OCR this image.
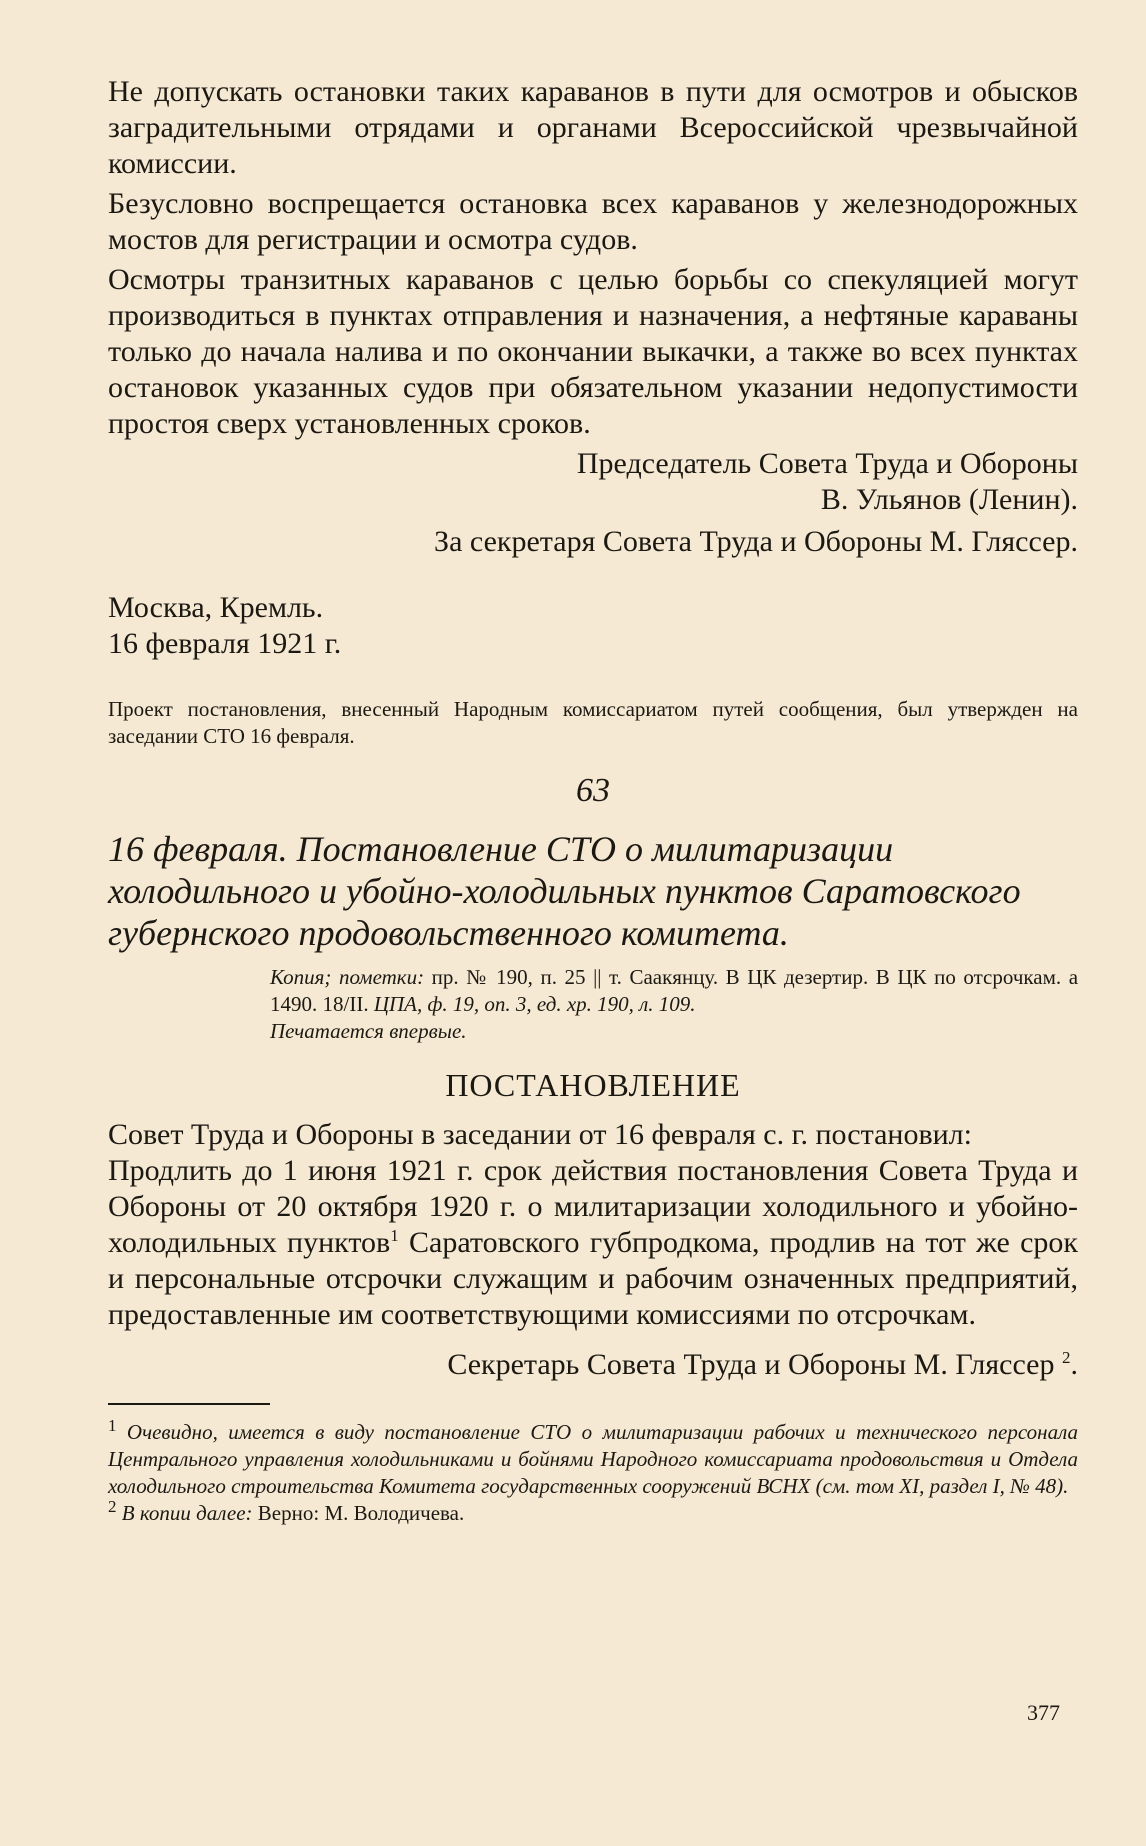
Не допускать остановки таких караванов в пути для осмотров и обысков заградительными отрядами и органами Всероссийской чрезвычайной комиссии.

Безусловно воспрещается остановка всех караванов у железнодорожных мостов для регистрации и осмотра судов.

Осмотры транзитных караванов с целью борьбы со спекуляцией могут производиться в пунктах отправления и назначения, а нефтяные караваны только до начала налива и по окончании выкачки, а также во всех пунктах остановок указанных судов при обязательном указании недопустимости простоя сверх установленных сроков.

Председатель Совета Труда и Обороны
В. Ульянов (Ленин).
За секретаря Совета Труда и Обороны М. Гляссер.
Москва, Кремль.
16 февраля 1921 г.

Проект постановления, внесенный Народным комиссариатом путей сообщения, был утвержден на заседании СТО 16 февраля.

63
16 февраля. Постановление СТО о милитаризации холодильного и убойно-холодильных пунктов Саратовского губернского продовольственного комитета.
Копия; пометки: пр. № 190, п. 25 || т. Саакянцу. В ЦК дезертир. В ЦК по отсрочкам. а 1490. 18/II. ЦПА, ф. 19, оп. 3, ед. хр. 190, л. 109.
Печатается впервые.
ПОСТАНОВЛЕНИЕ

Совет Труда и Обороны в заседании от 16 февраля с. г. постановил:

Продлить до 1 июня 1921 г. срок действия постановления Совета Труда и Обороны от 20 октября 1920 г. о милитаризации холодильного и убойно-холодильных пунктов$^1$ Саратовского губпродкома, продлив на тот же срок и персональные отсрочки служащим и рабочим означенных предприятий, предоставленные им соответствующими комиссиями по отсрочкам.

Секретарь Совета Труда и Обороны М. Гляссер $^2$.

$^1$ Очевидно, имеется в виду постановление СТО о милитаризации рабочих и технического персонала Центрального управления холодильниками и бойнями Народного комиссариата продовольствия и Отдела холодильного строительства Комитета государственных сооружений ВСНХ (см. том XI, раздел I, № 48).

$^2$ В копии далее: Верно: М. Володичева.

377
